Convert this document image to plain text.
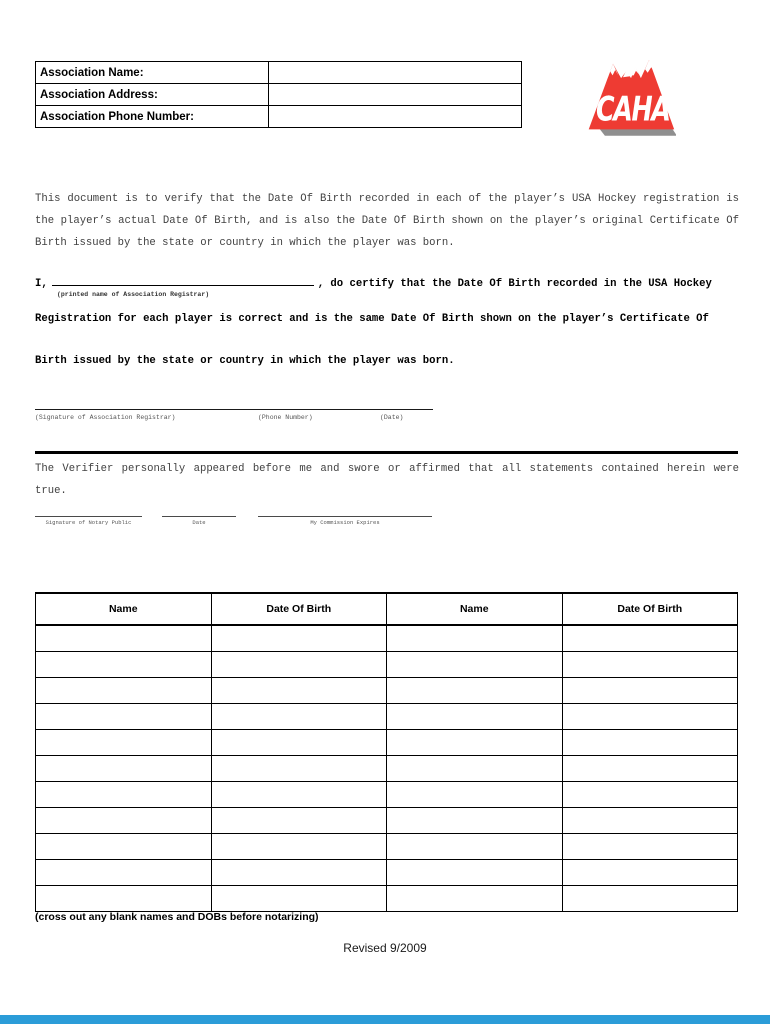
Association Name:	
Association Address:	
Association Phone Number:		CAHA

This document is to verify that the Date Of Birth recorded in each of the player’s USA Hockey registration is the player’s actual Date Of Birth, and is also the Date Of Birth shown on the player’s original Certificate Of Birth issued by the state or country in which the player was born.

I,	, do certify that the Date Of Birth recorded in the USA Hockey
(printed name of Association Registrar)
Registration for each player is correct and is the same Date Of Birth shown on the player’s Certificate Of
Birth issued by the state or country in which the player was born.
(Signature of Association Registrar)	(Phone Number)	(Date)

The Verifier personally appeared before me and swore or affirmed that all statements contained herein were true.

Signature of Notary Public	Date	My Commission Expires
Name	Date Of Birth	Name	Date Of Birth

(cross out any blank names and DOBs before notarizing)
Revised 9/2009
